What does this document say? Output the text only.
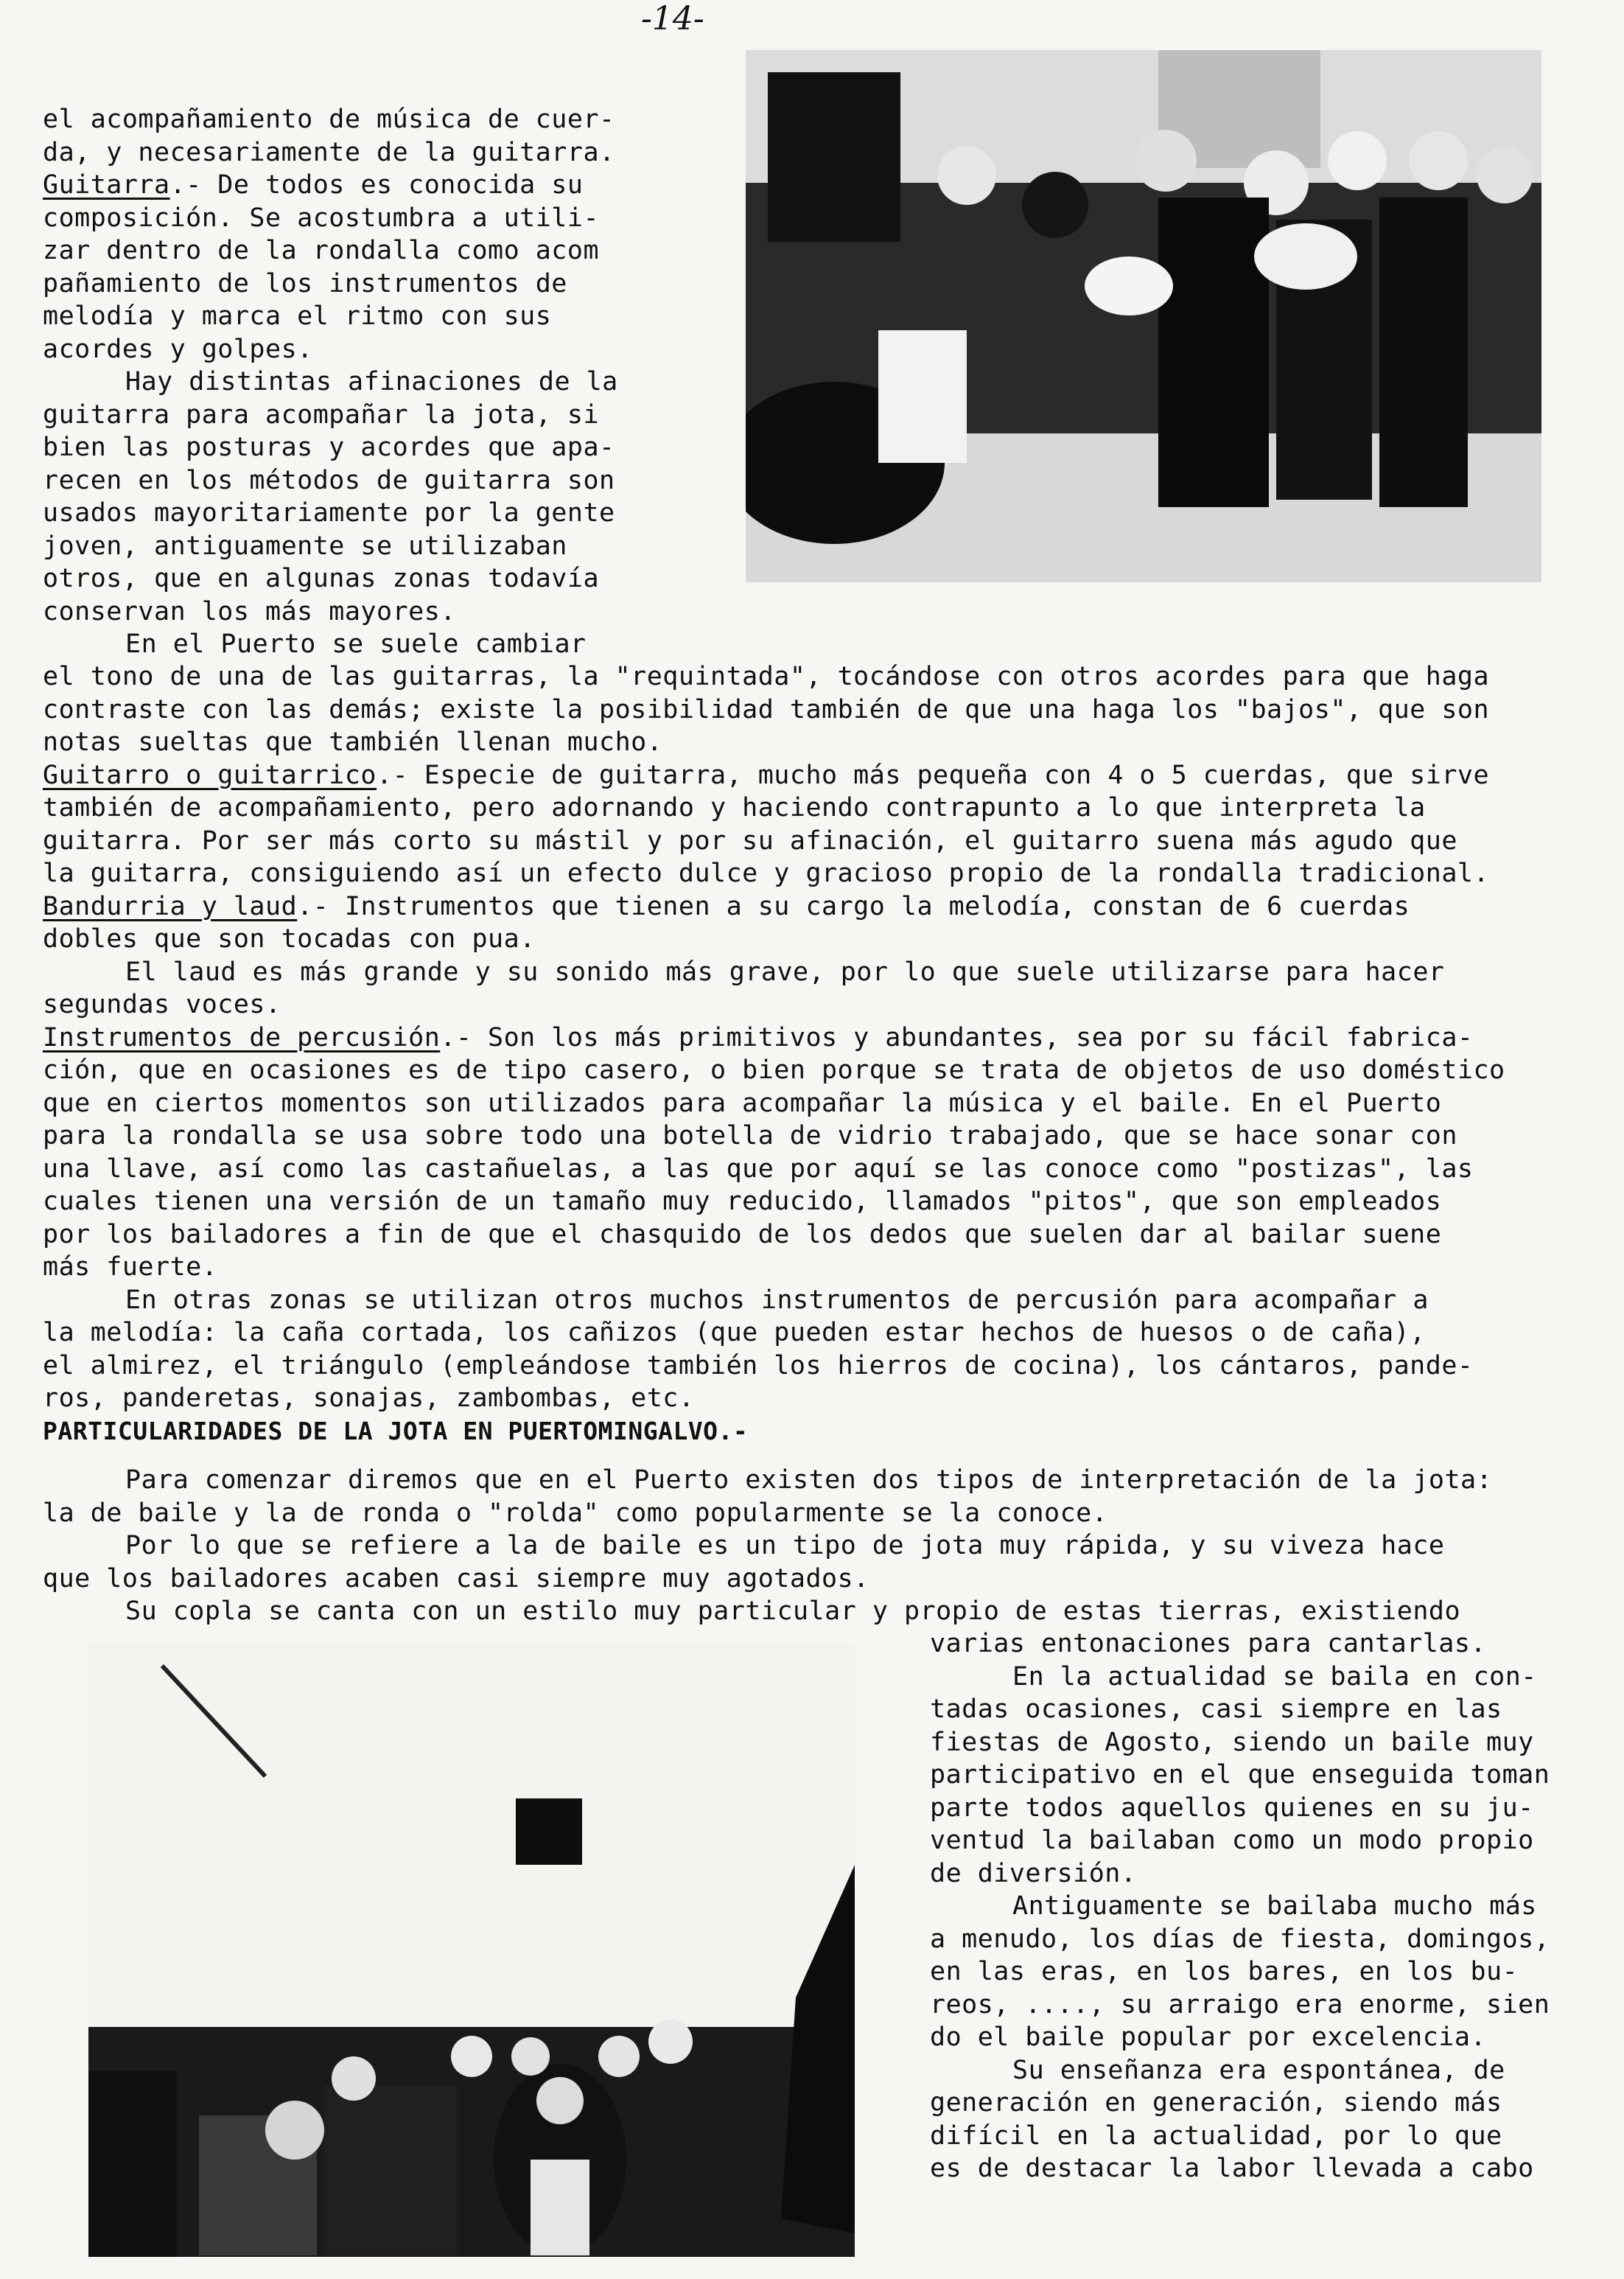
-14-
el acompañamiento de música de cuer-
da, y necesariamente de la guitarra.
Guitarra.- De todos es conocida su
composición. Se acostumbra a utili-
zar dentro de la rondalla como acom
pañamiento de los instrumentos de
melodía y marca el ritmo con sus
acordes y golpes.
Hay distintas afinaciones de la
guitarra para acompañar la jota, si
bien las posturas y acordes que apa-
recen en los métodos de guitarra son
usados mayoritariamente por la gente
joven, antiguamente se utilizaban
otros, que en algunas zonas todavía
conservan los más mayores.
En el Puerto se suele cambiar
el tono de una de las guitarras, la "requintada", tocándose con otros acordes para que haga
contraste con las demás; existe la posibilidad también de que una haga los "bajos", que son
notas sueltas que también llenan mucho.
Guitarro o guitarrico.- Especie de guitarra, mucho más pequeña con 4 o 5 cuerdas, que sirve
también de acompañamiento, pero adornando y haciendo contrapunto a lo que interpreta la
guitarra. Por ser más corto su mástil y por su afinación, el guitarro suena más agudo que
la guitarra, consiguiendo así un efecto dulce y gracioso propio de la rondalla tradicional.
Bandurria y laud.- Instrumentos que tienen a su cargo la melodía, constan de 6 cuerdas
dobles que son tocadas con pua.
El laud es más grande y su sonido más grave, por lo que suele utilizarse para hacer
segundas voces.
Instrumentos de percusión.- Son los más primitivos y abundantes, sea por su fácil fabrica-
ción, que en ocasiones es de tipo casero, o bien porque se trata de objetos de uso doméstico
que en ciertos momentos son utilizados para acompañar la música y el baile. En el Puerto
para la rondalla se usa sobre todo una botella de vidrio trabajado, que se hace sonar con
una llave, así como las castañuelas, a las que por aquí se las conoce como "postizas", las
cuales tienen una versión de un tamaño muy reducido, llamados "pitos", que son empleados
por los bailadores a fin de que el chasquido de los dedos que suelen dar al bailar suene
más fuerte.
En otras zonas se utilizan otros muchos instrumentos de percusión para acompañar a
la melodía: la caña cortada, los cañizos (que pueden estar hechos de huesos o de caña),
el almirez, el triángulo (empleándose también los hierros de cocina), los cántaros, pande-
ros, panderetas, sonajas, zambombas, etc.
PARTICULARIDADES DE LA JOTA EN PUERTOMINGALVO.-
Para comenzar diremos que en el Puerto existen dos tipos de interpretación de la jota:
la de baile y la de ronda o "rolda" como popularmente se la conoce.
Por lo que se refiere a la de baile es un tipo de jota muy rápida, y su viveza hace
que los bailadores acaben casi siempre muy agotados.
Su copla se canta con un estilo muy particular y propio de estas tierras, existiendo
varias entonaciones para cantarlas.
En la actualidad se baila en con-
tadas ocasiones, casi siempre en las
fiestas de Agosto, siendo un baile muy
participativo en el que enseguida toman
parte todos aquellos quienes en su ju-
ventud la bailaban como un modo propio
de diversión.
Antiguamente se bailaba mucho más
a menudo, los días de fiesta, domingos,
en las eras, en los bares, en los bu-
reos, ...., su arraigo era enorme, sien
do el baile popular por excelencia.
Su enseñanza era espontánea, de
generación en generación, siendo más
difícil en la actualidad, por lo que
es de destacar la labor llevada a cabo
